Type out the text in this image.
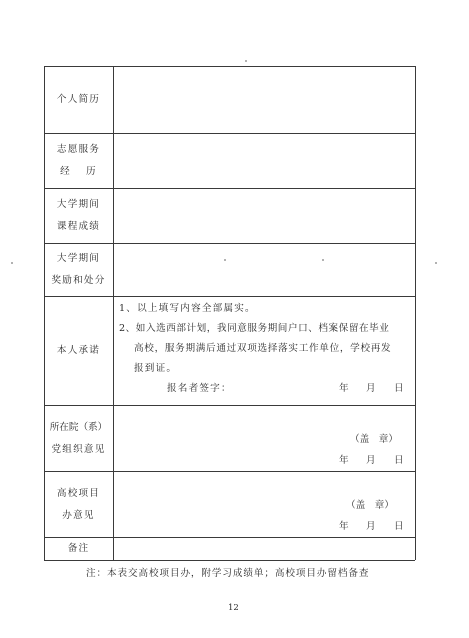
个人简历
志愿服务
经　 历
大学期间
课程成绩
大学期间
奖励和处分
本人承诺
1、以上填写内容全部属实。
2、如入选西部计划，我同意服务期间户口、档案保留在毕业
高校，服务期满后通过双项选择落实工作单位，学校再发
报到证。
报名者签字：	年 月 日
所在院（系）
党组织意见
（盖　章）
年 月 日
高校项目
办意见
（盖　章）
年 月 日
备注
注：本表交高校项目办，附学习成绩单；高校项目办留档备查
12
